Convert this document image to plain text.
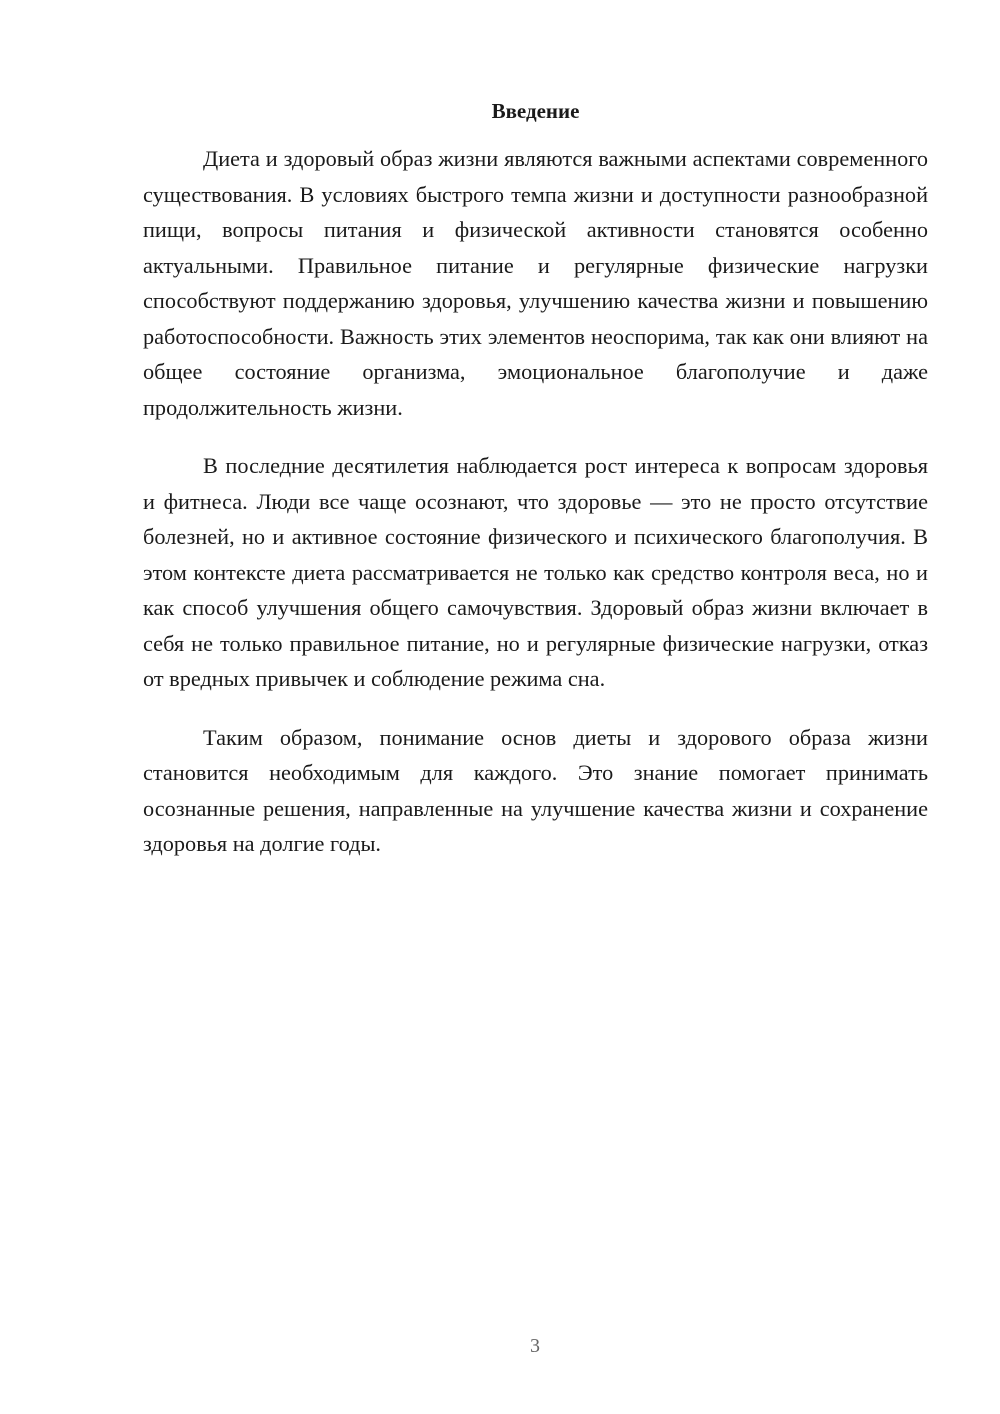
Введение

Диета и здоровый образ жизни являются важными аспектами современного существования. В условиях быстрого темпа жизни и доступности разнообразной пищи, вопросы питания и физической активности становятся особенно актуальными. Правильное питание и регулярные физические нагрузки способствуют поддержанию здоровья, улучшению качества жизни и повышению работоспособности. Важность этих элементов неоспорима, так как они влияют на общее состояние организма, эмоциональное благополучие и даже продолжительность жизни.

В последние десятилетия наблюдается рост интереса к вопросам здоровья и фитнеса. Люди все чаще осознают, что здоровье — это не просто отсутствие болезней, но и активное состояние физического и психического благополучия. В этом контексте диета рассматривается не только как средство контроля веса, но и как способ улучшения общего самочувствия. Здоровый образ жизни включает в себя не только правильное питание, но и регулярные физические нагрузки, отказ от вредных привычек и соблюдение режима сна.

Таким образом, понимание основ диеты и здорового образа жизни становится необходимым для каждого. Это знание помогает принимать осознанные решения, направленные на улучшение качества жизни и сохранение здоровья на долгие годы.

3
